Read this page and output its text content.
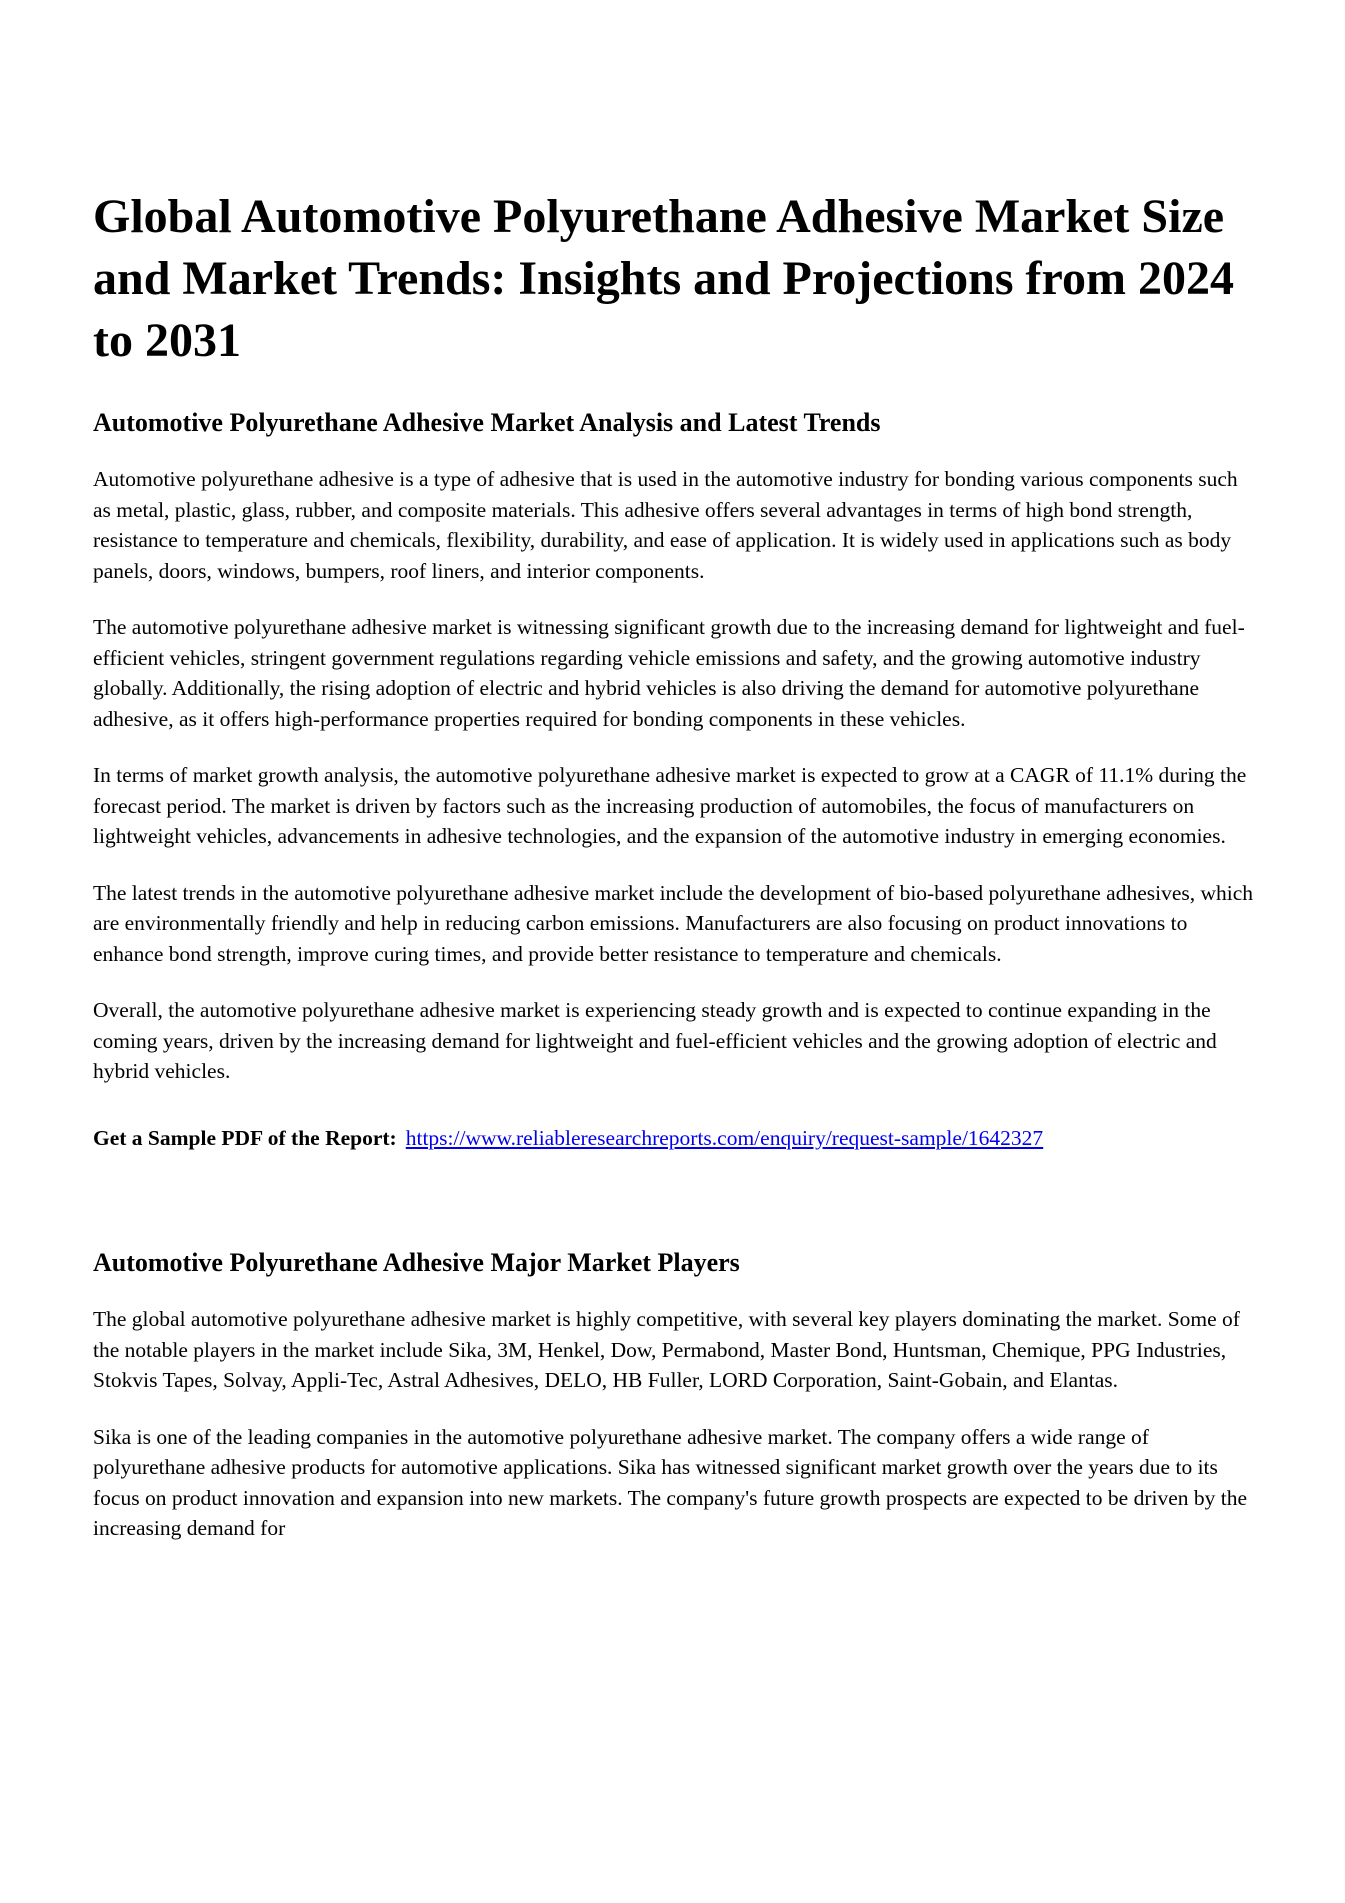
Global Automotive Polyurethane Adhesive Market Size and Market Trends: Insights and Projections from 2024 to 2031
Automotive Polyurethane Adhesive Market Analysis and Latest Trends

Automotive polyurethane adhesive is a type of adhesive that is used in the automotive industry for bonding various components such as metal, plastic, glass, rubber, and composite materials. This adhesive offers several advantages in terms of high bond strength, resistance to temperature and chemicals, flexibility, durability, and ease of application. It is widely used in applications such as body panels, doors, windows, bumpers, roof liners, and interior components.

The automotive polyurethane adhesive market is witnessing significant growth due to the increasing demand for lightweight and fuel-efficient vehicles, stringent government regulations regarding vehicle emissions and safety, and the growing automotive industry globally. Additionally, the rising adoption of electric and hybrid vehicles is also driving the demand for automotive polyurethane adhesive, as it offers high-performance properties required for bonding components in these vehicles.

In terms of market growth analysis, the automotive polyurethane adhesive market is expected to grow at a CAGR of 11.1% during the forecast period. The market is driven by factors such as the increasing production of automobiles, the focus of manufacturers on lightweight vehicles, advancements in adhesive technologies, and the expansion of the automotive industry in emerging economies.

The latest trends in the automotive polyurethane adhesive market include the development of bio-based polyurethane adhesives, which are environmentally friendly and help in reducing carbon emissions. Manufacturers are also focusing on product innovations to enhance bond strength, improve curing times, and provide better resistance to temperature and chemicals.

Overall, the automotive polyurethane adhesive market is experiencing steady growth and is expected to continue expanding in the coming years, driven by the increasing demand for lightweight and fuel-efficient vehicles and the growing adoption of electric and hybrid vehicles.

Get a Sample PDF of the Report: https://www.reliableresearchreports.com/enquiry/request-sample/1642327

Automotive Polyurethane Adhesive Major Market Players

The global automotive polyurethane adhesive market is highly competitive, with several key players dominating the market. Some of the notable players in the market include Sika, 3M, Henkel, Dow, Permabond, Master Bond, Huntsman, Chemique, PPG Industries, Stokvis Tapes, Solvay, Appli-Tec, Astral Adhesives, DELO, HB Fuller, LORD Corporation, Saint-Gobain, and Elantas.

Sika is one of the leading companies in the automotive polyurethane adhesive market. The company offers a wide range of polyurethane adhesive products for automotive applications. Sika has witnessed significant market growth over the years due to its focus on product innovation and expansion into new markets. The company's future growth prospects are expected to be driven by the increasing demand for
